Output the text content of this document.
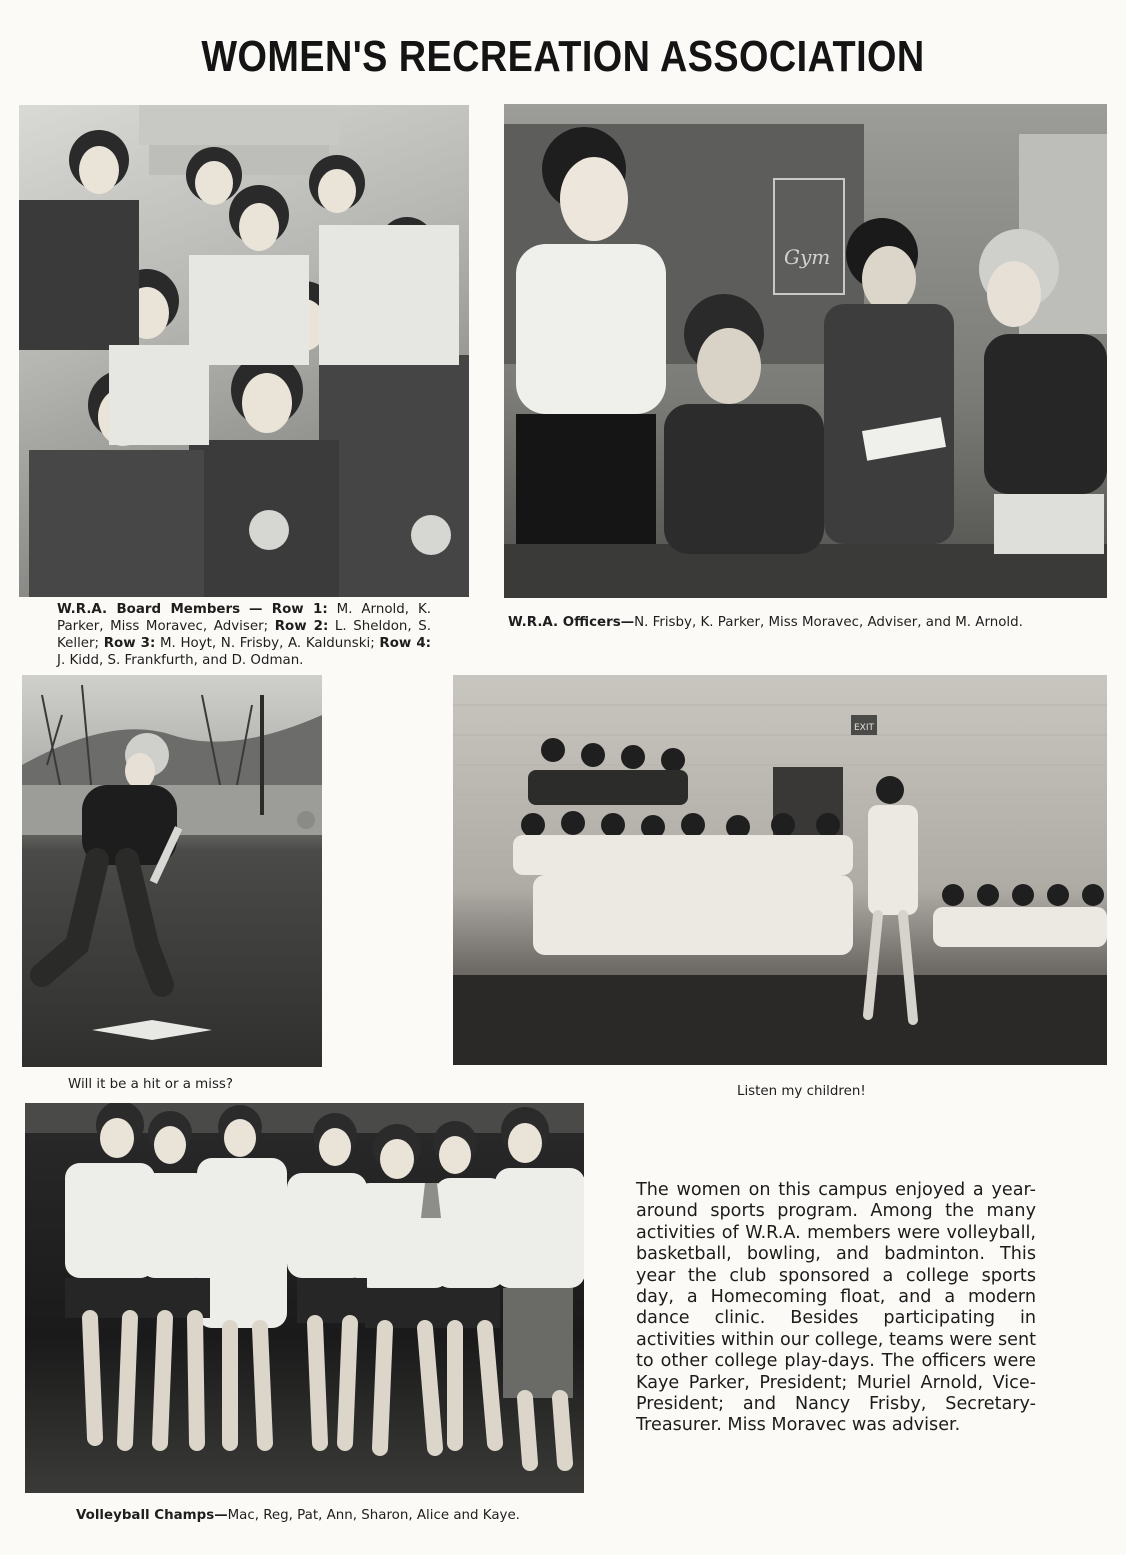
WOMEN'S RECREATION ASSOCIATION
W.R.A. Board Members — Row 1: M. Arnold, K. Parker, Miss Moravec, Adviser; Row 2: L. Sheldon, S. Keller; Row 3: M. Hoyt, N. Frisby, A. Kaldunski; Row 4: J. Kidd, S. Frankfurth, and D. Odman.
Gym
W.R.A. Officers—N. Frisby, K. Parker, Miss Moravec, Adviser, and M. Arnold.
Will it be a hit or a miss?
EXIT
Listen my children!
Volleyball Champs—Mac, Reg, Pat, Ann, Sharon, Alice and Kaye.
The women on this campus enjoyed a year-around sports program. Among the many activities of W.R.A. members were volleyball, basketball, bowling, and badminton. This year the club sponsored a college sports day, a Homecoming float, and a modern dance clinic. Besides participating in activities within our college, teams were sent to other college play-days. The officers were Kaye Parker, President; Muriel Arnold, Vice-President; and Nancy Frisby, Secretary-Treasurer. Miss Moravec was adviser.
